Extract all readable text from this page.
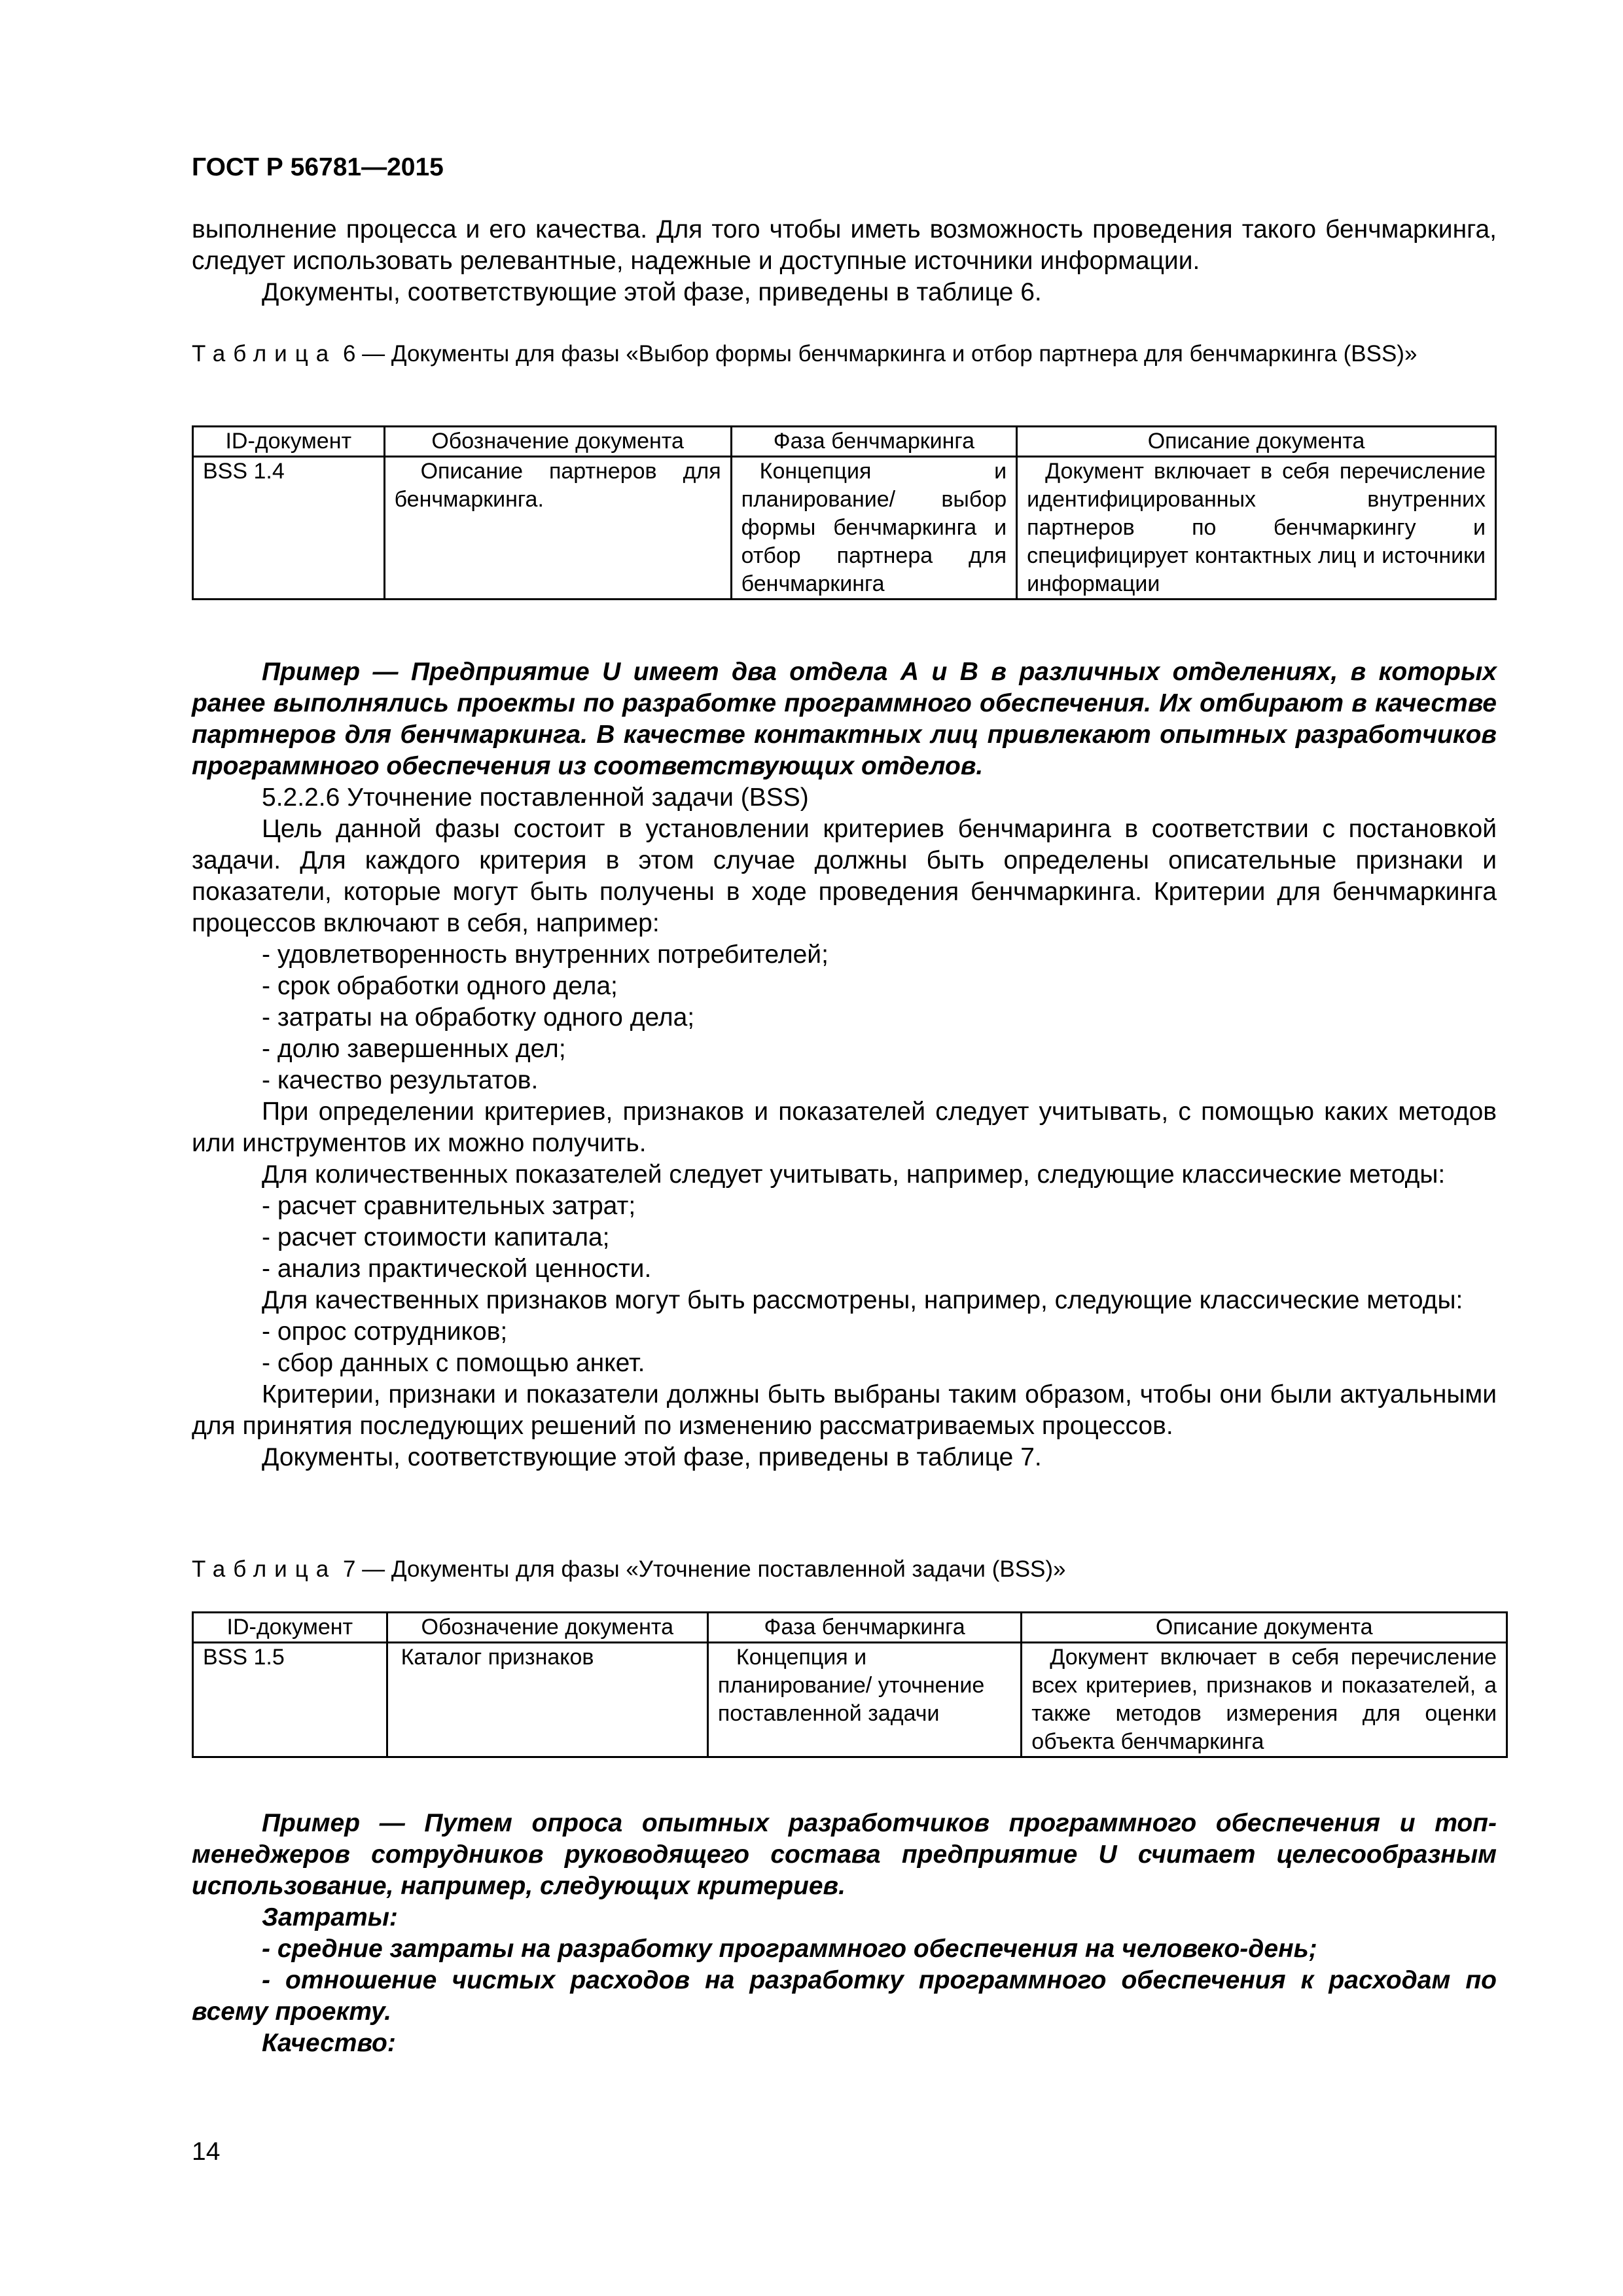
ГОСТ Р 56781—2015

выполнение процесса и его качества. Для того чтобы иметь возможность проведения такого бенчмаркинга, следует использовать релевантные, надежные и доступные источники информации.

Документы, соответствующие этой фазе, приведены в таблице 6.

Таблица 6 — Документы для фазы «Выбор формы бенчмаркинга и отбор партнера для бенчмаркинга (BSS)»
ID-документ	Обозначение документа	Фаза бенчмаркинга	Описание документа
BSS 1.4	Описание партнеров для бенчмаркинга.	Концепция и планирование/ выбор формы бенчмаркинга и отбор партнера для бенчмаркинга	Документ включает в себя перечисление идентифицированных внутренних партнеров по бенчмаркингу и специфицирует контактных лиц и источники информации

Пример — Предприятие U имеет два отдела А и В в различных отделениях, в которых ранее выполнялись проекты по разработке программного обеспечения. Их отбирают в качестве партнеров для бенчмаркинга. В качестве контактных лиц привлекают опытных разработчиков программного обеспечения из соответствующих отделов.

5.2.2.6 Уточнение поставленной задачи (BSS)

Цель данной фазы состоит в установлении критериев бенчмаринга в соответствии с постановкой задачи. Для каждого критерия в этом случае должны быть определены описательные признаки и показатели, которые могут быть получены в ходе проведения бенчмаркинга. Критерии для бенчмаркинга процессов включают в себя, например:

- удовлетворенность внутренних потребителей;

- срок обработки одного дела;

- затраты на обработку одного дела;

- долю завершенных дел;

- качество результатов.

При определении критериев, признаков и показателей следует учитывать, с помощью каких методов или инструментов их можно получить.

Для количественных показателей следует учитывать, например, следующие классические методы:

- расчет сравнительных затрат;

- расчет стоимости капитала;

- анализ практической ценности.

Для качественных признаков могут быть рассмотрены, например, следующие классические методы:

- опрос сотрудников;

- сбор данных с помощью анкет.

Критерии, признаки и показатели должны быть выбраны таким образом, чтобы они были актуальными для принятия последующих решений по изменению рассматриваемых процессов.

Документы, соответствующие этой фазе, приведены в таблице 7.

Таблица 7 — Документы для фазы «Уточнение поставленной задачи (BSS)»
ID-документ	Обозначение документа	Фаза бенчмаркинга	Описание документа
BSS 1.5	Каталог признаков	Концепция и планирование/ уточнение поставленной задачи	Документ включает в себя перечисление всех критериев, признаков и показателей, а также методов измерения для оценки объекта бенчмаркинга

Пример — Путем опроса опытных разработчиков программного обеспечения и топ-менеджеров сотрудников руководящего состава предприятие U считает целесообразным использование, например, следующих критериев.

Затраты:

- средние затраты на разработку программного обеспечения на человеко-день;

- отношение чистых расходов на разработку программного обеспечения к расходам по всему проекту.

Качество:

14
